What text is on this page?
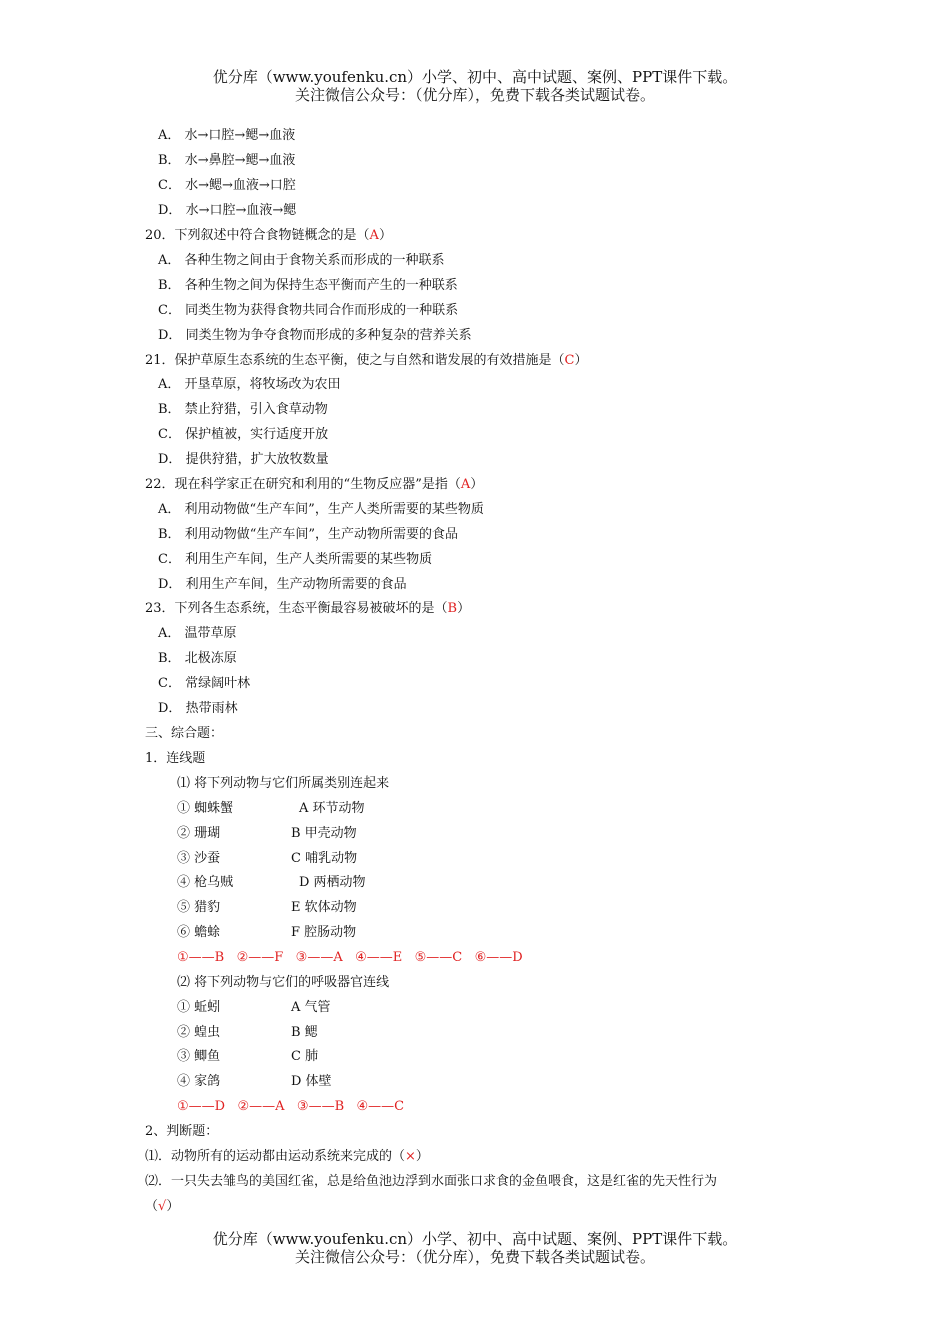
优分库（www.youfenku.cn）小学、初中、高中试题、案例、PPT课件下载。
关注微信公众号：（优分库），免费下载各类试题试卷。
A． 水→口腔→鳃→血液
B． 水→鼻腔→鳃→血液
C． 水→鳃→血液→口腔
D． 水→口腔→血液→鳃
20．下列叙述中符合食物链概念的是（A）
A． 各种生物之间由于食物关系而形成的一种联系
B． 各种生物之间为保持生态平衡而产生的一种联系
C． 同类生物为获得食物共同合作而形成的一种联系
D． 同类生物为争夺食物而形成的多种复杂的营养关系
21．保护草原生态系统的生态平衡，使之与自然和谐发展的有效措施是（C）
A． 开垦草原，将牧场改为农田
B． 禁止狩猎，引入食草动物
C． 保护植被，实行适度开放
D． 提供狩猎，扩大放牧数量
22．现在科学家正在研究和利用的“生物反应器”是指（A）
A． 利用动物做“生产车间”，生产人类所需要的某些物质
B． 利用动物做“生产车间”，生产动物所需要的食品
C． 利用生产车间，生产人类所需要的某些物质
D． 利用生产车间，生产动物所需要的食品
23．下列各生态系统，生态平衡最容易被破坏的是（B）
A． 温带草原
B． 北极冻原
C． 常绿阔叶林
D． 热带雨林
三、综合题：
1．连线题
⑴ 将下列动物与它们所属类别连起来
① 蜘蛛蟹	A 环节动物
② 珊瑚	B 甲壳动物
③ 沙蚕	C 哺乳动物
④ 枪乌贼	D 两栖动物
⑤ 猎豹	E 软体动物
⑥ 蟾蜍	F 腔肠动物
①——B   ②——F   ③——A   ④——E   ⑤——C   ⑥——D
⑵ 将下列动物与它们的呼吸器官连线
① 蚯蚓	A 气管
② 蝗虫	B 鳃
③ 鲫鱼	C 肺
④ 家鸽	D 体壁
①——D   ②——A   ③——B   ④——C
2、判断题：
⑴．动物所有的运动都由运动系统来完成的（×）
⑵．一只失去雏鸟的美国红雀，总是给鱼池边浮到水面张口求食的金鱼喂食，这是红雀的先天性行为
（√）
优分库（www.youfenku.cn）小学、初中、高中试题、案例、PPT课件下载。
关注微信公众号：（优分库），免费下载各类试题试卷。
